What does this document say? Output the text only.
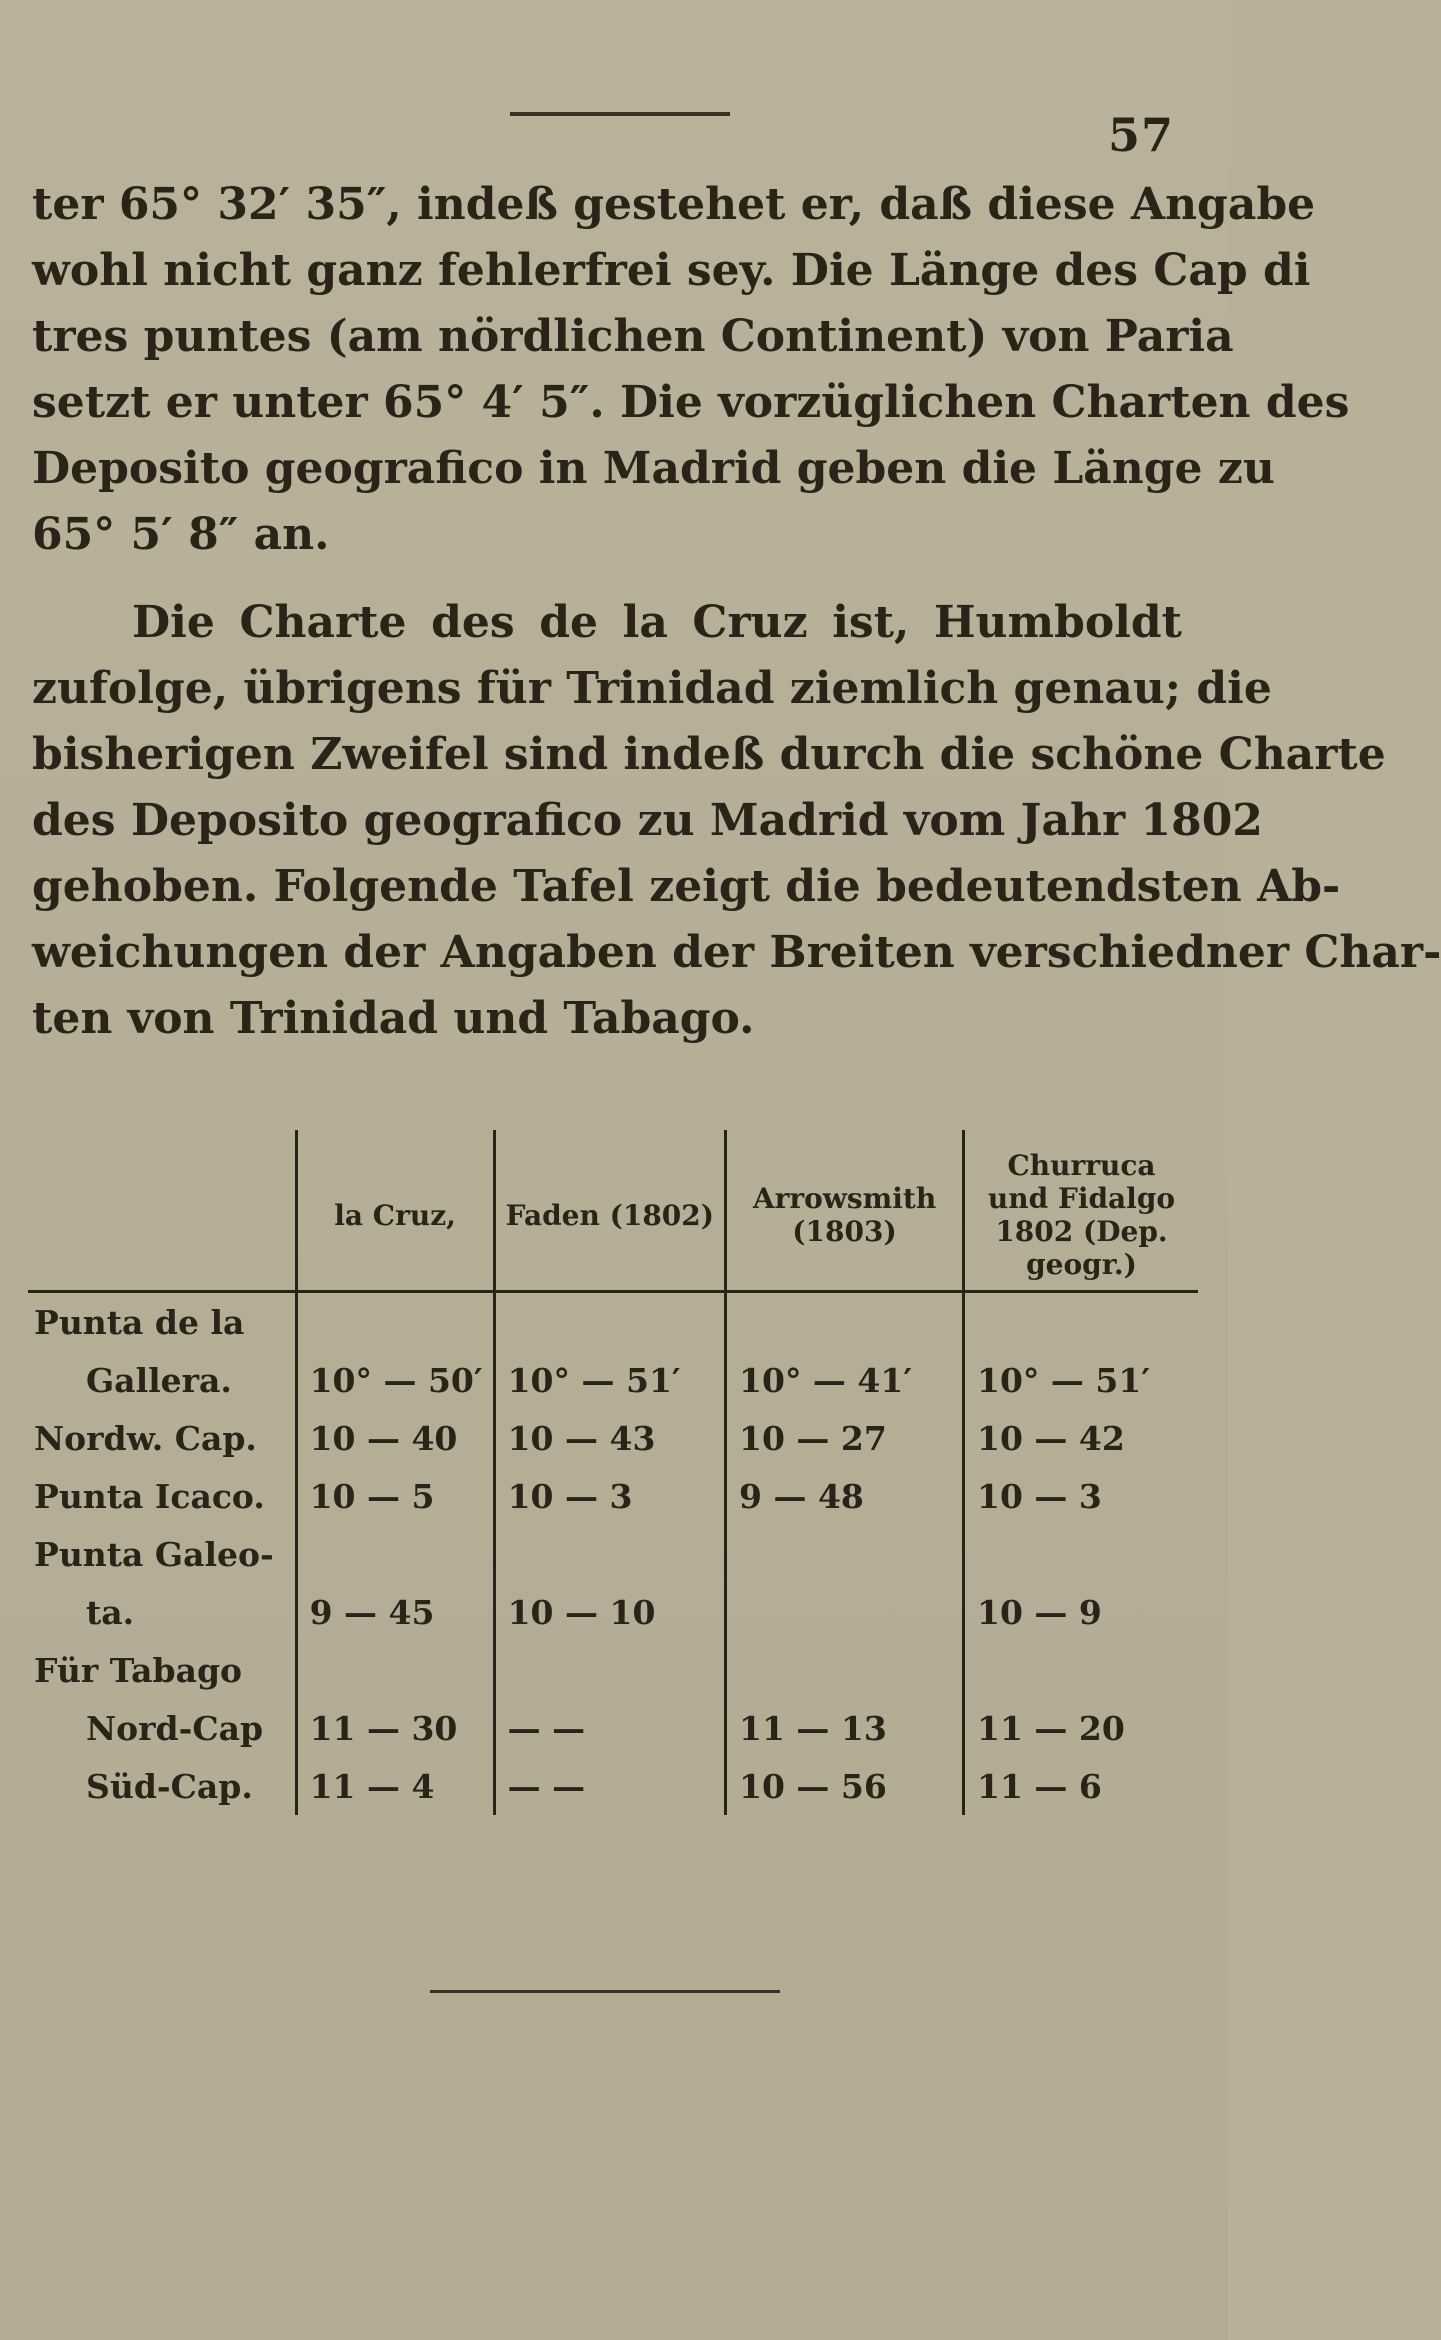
57
ter 65° 32′ 35″, indeß gestehet er, daß diese Angabe
wohl nicht ganz fehlerfrei sey. Die Länge des Cap di
tres puntes (am nördlichen Continent) von Paria
setzt er unter 65° 4′ 5″. Die vorzüglichen Charten des
Deposito geografico in Madrid geben die Länge zu
65° 5′ 8″ an.
Die Charte des de la Cruz ist, Humboldt
zufolge, übrigens für Trinidad ziemlich genau; die
bisherigen Zweifel sind indeß durch die schöne Charte
des Deposito geografico zu Madrid vom Jahr 1802
gehoben. Folgende Tafel zeigt die bedeutendsten Ab-
weichungen der Angaben der Breiten verschiedner Char-
ten von Trinidad und Tabago.
	la Cruz,	Faden (1802)	Arrowsmith (1803)	Churruca und Fidalgo 1802 (Dep. geogr.)
Punta de la				
Gallera.	10° — 50′	10° — 51′	10° — 41′	10° — 51′
Nordw. Cap.	10 — 40	10 — 43	10 — 27	10 — 42
Punta Icaco.	10 — 5	10 — 3	9 — 48	10 — 3
Punta Galeo-				
ta.	9 — 45	10 — 10		10 — 9
Für Tabago				
Nord-Cap	11 — 30	— —	11 — 13	11 — 20
Süd-Cap.	11 — 4	— —	10 — 56	11 — 6
